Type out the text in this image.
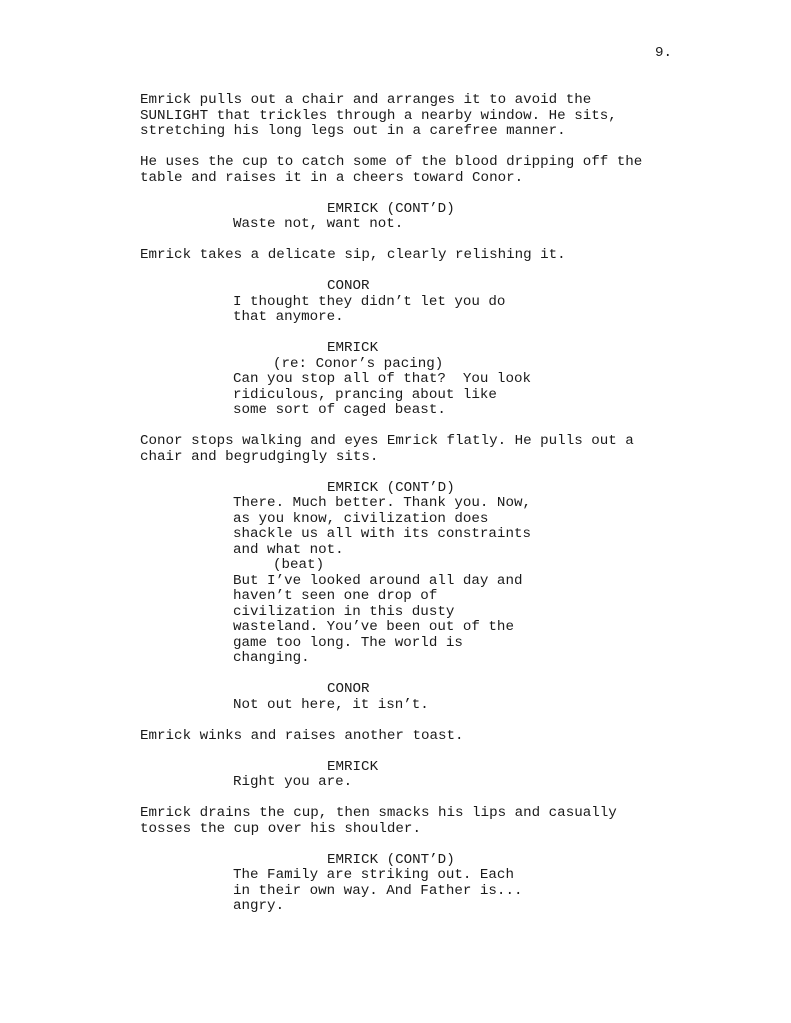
9.
Emrick pulls out a chair and arranges it to avoid the
SUNLIGHT that trickles through a nearby window. He sits,
stretching his long legs out in a carefree manner.
He uses the cup to catch some of the blood dripping off the
table and raises it in a cheers toward Conor.
EMRICK (CONT’D)
Waste not, want not.
Emrick takes a delicate sip, clearly relishing it.
CONOR
I thought they didn’t let you do
that anymore.
EMRICK
(re: Conor’s pacing)
Can you stop all of that?  You look
ridiculous, prancing about like
some sort of caged beast.
Conor stops walking and eyes Emrick flatly. He pulls out a
chair and begrudgingly sits.
EMRICK (CONT’D)
There. Much better. Thank you. Now,
as you know, civilization does
shackle us all with its constraints
and what not.
(beat)
But I’ve looked around all day and
haven’t seen one drop of
civilization in this dusty
wasteland. You’ve been out of the
game too long. The world is
changing.
CONOR
Not out here, it isn’t.
Emrick winks and raises another toast.
EMRICK
Right you are.
Emrick drains the cup, then smacks his lips and casually
tosses the cup over his shoulder.
EMRICK (CONT’D)
The Family are striking out. Each
in their own way. And Father is...
angry.
